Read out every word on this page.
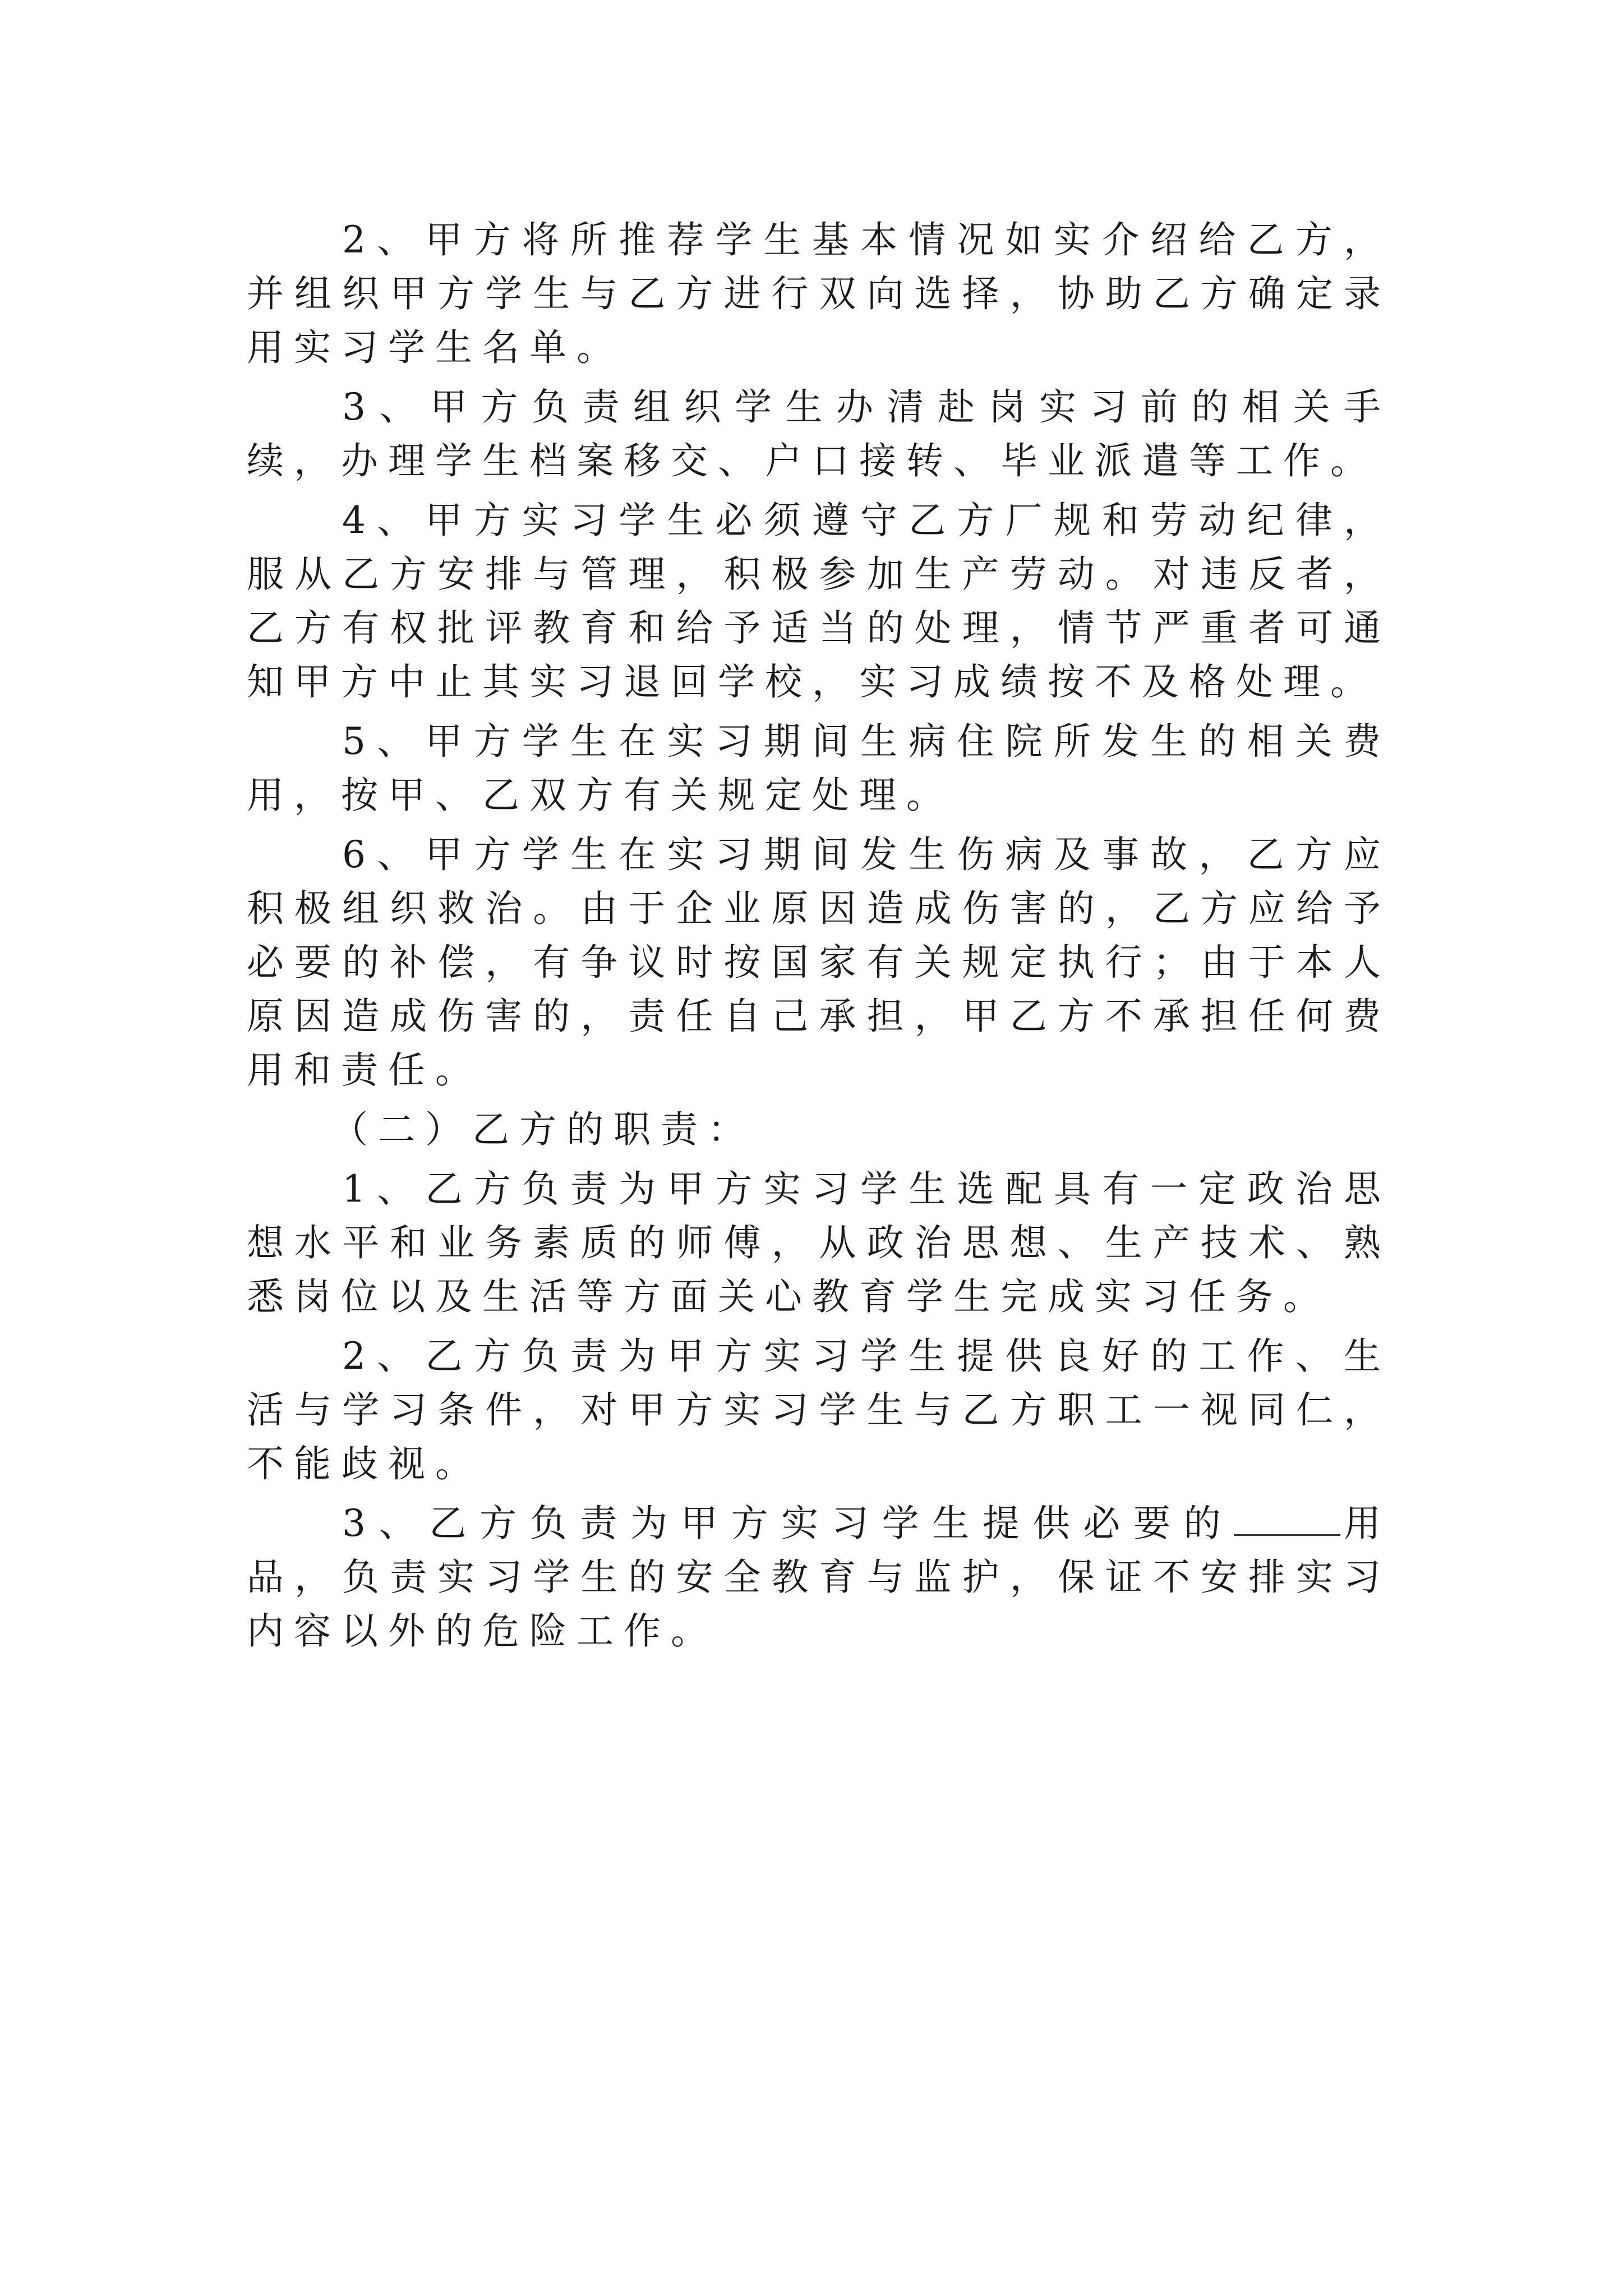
2、甲方将所推荐学生基本情况如实介绍给乙方，并组织甲方学生与乙方进行双向选择，协助乙方确定录用实习学生名单。

3、甲方负责组织学生办清赴岗实习前的相关手续，办理学生档案移交、户口接转、毕业派遣等工作。

4、甲方实习学生必须遵守乙方厂规和劳动纪律，服从乙方安排与管理，积极参加生产劳动。对违反者，乙方有权批评教育和给予适当的处理，情节严重者可通知甲方中止其实习退回学校，实习成绩按不及格处理。

5、甲方学生在实习期间生病住院所发生的相关费用，按甲、乙双方有关规定处理。

6、甲方学生在实习期间发生伤病及事故，乙方应积极组织救治。由于企业原因造成伤害的，乙方应给予必要的补偿，有争议时按国家有关规定执行；由于本人原因造成伤害的，责任自己承担，甲乙方不承担任何费用和责任。

（二）乙方的职责：

1、乙方负责为甲方实习学生选配具有一定政治思想水平和业务素质的师傅，从政治思想、生产技术、熟悉岗位以及生活等方面关心教育学生完成实习任务。

2、乙方负责为甲方实习学生提供良好的工作、生活与学习条件，对甲方实习学生与乙方职工一视同仁，不能歧视。

3、乙方负责为甲方实习学生提供必要的	用品，负责实习学生的安全教育与监护，保证不安排实习内容以外的危险工作。
